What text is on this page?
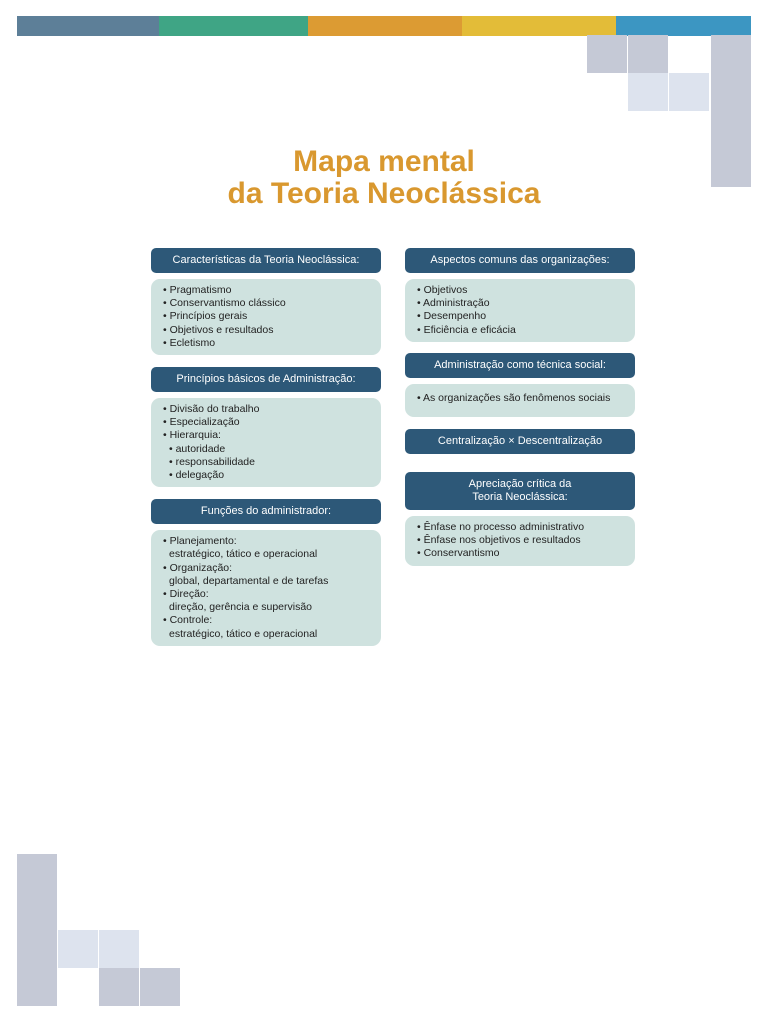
Mapa mental
da Teoria Neoclássica
Características da Teoria Neoclássica:
• Pragmatismo
• Conservantismo clássico
• Princípios gerais
• Objetivos e resultados
• Ecletismo
Princípios básicos de Administração:
• Divisão do trabalho
• Especialização
• Hierarquia:
• autoridade
• responsabilidade
• delegação
Funções do administrador:
• Planejamento:
estratégico, tático e operacional
• Organização:
global, departamental e de tarefas
• Direção:
direção, gerência e supervisão
• Controle:
estratégico, tático e operacional
Aspectos comuns das organizações:
• Objetivos
• Administração
• Desempenho
• Eficiência e eficácia
Administração como técnica social:
• As organizações são fenômenos sociais
Centralização × Descentralização
Apreciação crítica da
Teoria Neoclássica:
• Ênfase no processo administrativo
• Ênfase nos objetivos e resultados
• Conservantismo
